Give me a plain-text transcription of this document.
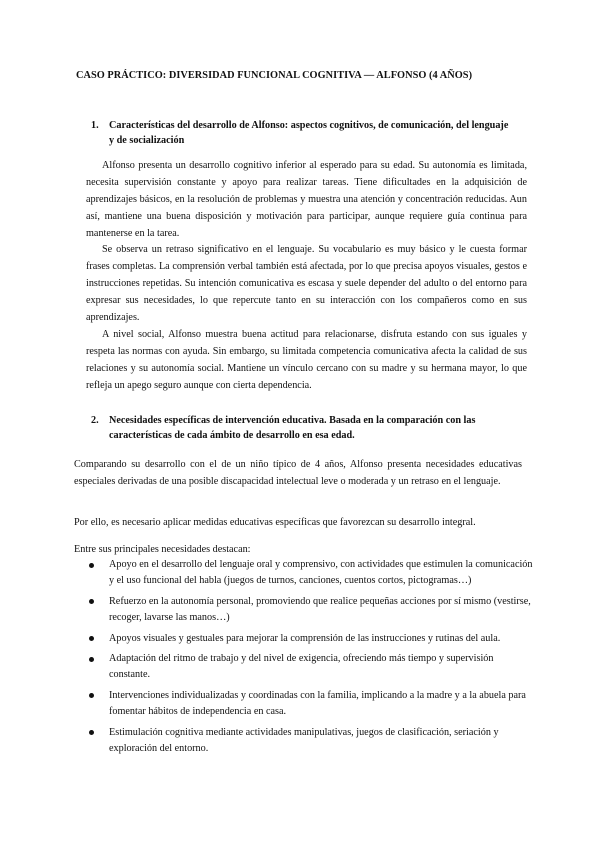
CASO PRÁCTICO: DIVERSIDAD FUNCIONAL COGNITIVA — ALFONSO (4 AÑOS)
1. Características del desarrollo de Alfonso: aspectos cognitivos, de comunicación, del lenguaje y de socialización

Alfonso presenta un desarrollo cognitivo inferior al esperado para su edad. Su autonomía es limitada, necesita supervisión constante y apoyo para realizar tareas. Tiene dificultades en la adquisición de aprendizajes básicos, en la resolución de problemas y muestra una atención y concentración reducidas. Aun así, mantiene una buena disposición y motivación para participar, aunque requiere guía continua para mantenerse en la tarea.

Se observa un retraso significativo en el lenguaje. Su vocabulario es muy básico y le cuesta formar frases completas. La comprensión verbal también está afectada, por lo que precisa apoyos visuales, gestos e instrucciones repetidas. Su intención comunicativa es escasa y suele depender del adulto o del entorno para expresar sus necesidades, lo que repercute tanto en su interacción con los compañeros como en sus aprendizajes.

A nivel social, Alfonso muestra buena actitud para relacionarse, disfruta estando con sus iguales y respeta las normas con ayuda. Sin embargo, su limitada competencia comunicativa afecta la calidad de sus relaciones y su autonomía social. Mantiene un vínculo cercano con su madre y su hermana mayor, lo que refleja un apego seguro aunque con cierta dependencia.

2. Necesidades específicas de intervención educativa. Basada en la comparación con las características de cada ámbito de desarrollo en esa edad.

Comparando su desarrollo con el de un niño típico de 4 años, Alfonso presenta necesidades educativas especiales derivadas de una posible discapacidad intelectual leve o moderada y un retraso en el lenguaje.

Por ello, es necesario aplicar medidas educativas específicas que favorezcan su desarrollo integral.

Entre sus principales necesidades destacan:

Apoyo en el desarrollo del lenguaje oral y comprensivo, con actividades que estimulen la comunicación y el uso funcional del habla (juegos de turnos, canciones, cuentos cortos, pictogramas…)
Refuerzo en la autonomía personal, promoviendo que realice pequeñas acciones por sí mismo (vestirse, recoger, lavarse las manos…)
Apoyos visuales y gestuales para mejorar la comprensión de las instrucciones y rutinas del aula.
Adaptación del ritmo de trabajo y del nivel de exigencia, ofreciendo más tiempo y supervisión constante.
Intervenciones individualizadas y coordinadas con la familia, implicando a la madre y a la abuela para fomentar hábitos de independencia en casa.
Estimulación cognitiva mediante actividades manipulativas, juegos de clasificación, seriación y exploración del entorno.
